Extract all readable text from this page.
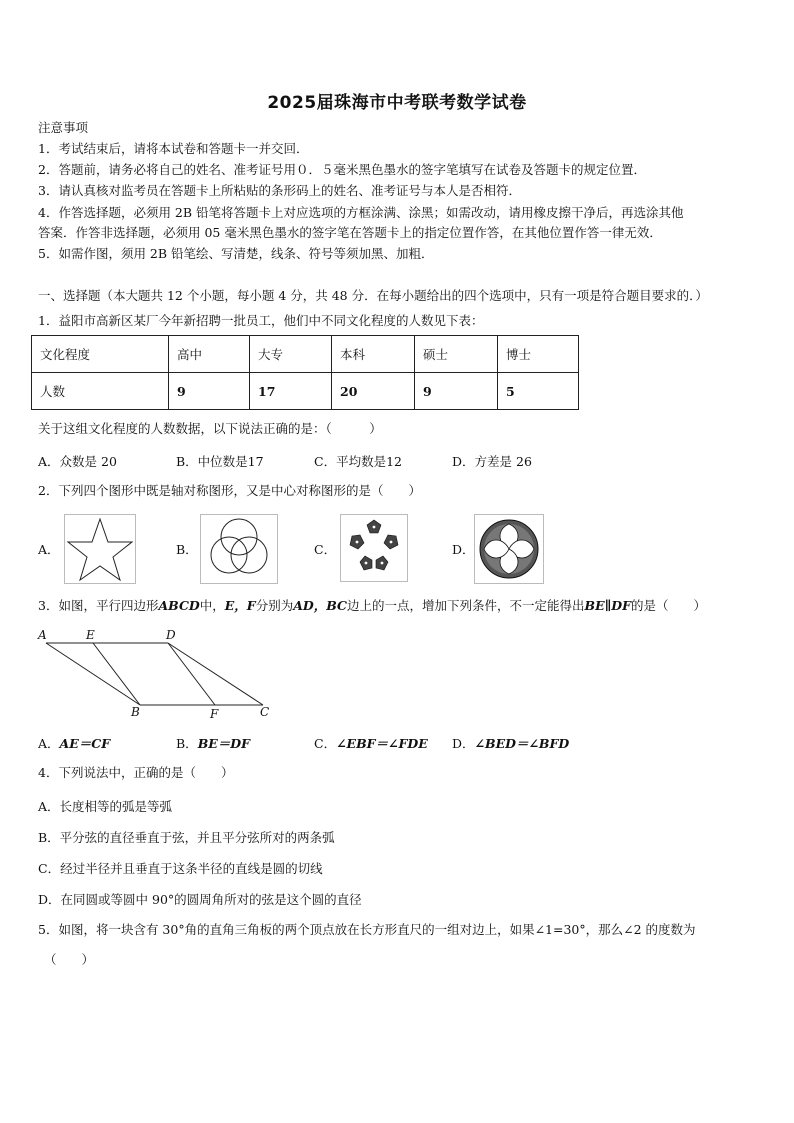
2025届珠海市中考联考数学试卷
注意事项
1．考试结束后，请将本试卷和答题卡一并交回．
2．答题前，请务必将自己的姓名、准考证号用０．５毫米黑色墨水的签字笔填写在试卷及答题卡的规定位置．
3．请认真核对监考员在答题卡上所粘贴的条形码上的姓名、准考证号与本人是否相符．
4．作答选择题，必须用 2B 铅笔将答题卡上对应选项的方框涂满、涂黑；如需改动，请用橡皮擦干净后，再选涂其他
答案．作答非选择题，必须用 05 毫米黑色墨水的签字笔在答题卡上的指定位置作答，在其他位置作答一律无效．
5．如需作图，须用 2B 铅笔绘、写清楚，线条、符号等须加黑、加粗．
一、选择题（本大题共 12 个小题，每小题 4 分，共 48 分．在每小题给出的四个选项中，只有一项是符合题目要求的．）
1．益阳市高新区某厂今年新招聘一批员工，他们中不同文化程度的人数见下表：
文化程度	高中	大专	本科	硕士	博士
人数	9	17	20	9	5
关于这组文化程度的人数数据，以下说法正确的是：（　　　）
A．众数是 20	B．中位数是17	C．平均数是12	D．方差是 26
2．下列四个图形中既是轴对称图形，又是中心对称图形的是（　　）
A．	B．	C．	D．
3．如图，平行四边形ABCD中，E，F分别为AD，BC边上的一点，增加下列条件，不一定能得出BE∥DF的是（　　）
A	E	D
B	F	C
A．AE＝CF	B．BE＝DF	C．∠EBF＝∠FDE D．∠BED＝∠BFD
4．下列说法中，正确的是（　　）
A．长度相等的弧是等弧
B．平分弦的直径垂直于弦，并且平分弦所对的两条弧
C．经过半径并且垂直于这条半径的直线是圆的切线
D．在同圆或等圆中 90°的圆周角所对的弦是这个圆的直径
5．如图，将一块含有 30°角的直角三角板的两个顶点放在长方形直尺的一组对边上，如果∠1=30°，那么∠2 的度数为
（　　）
